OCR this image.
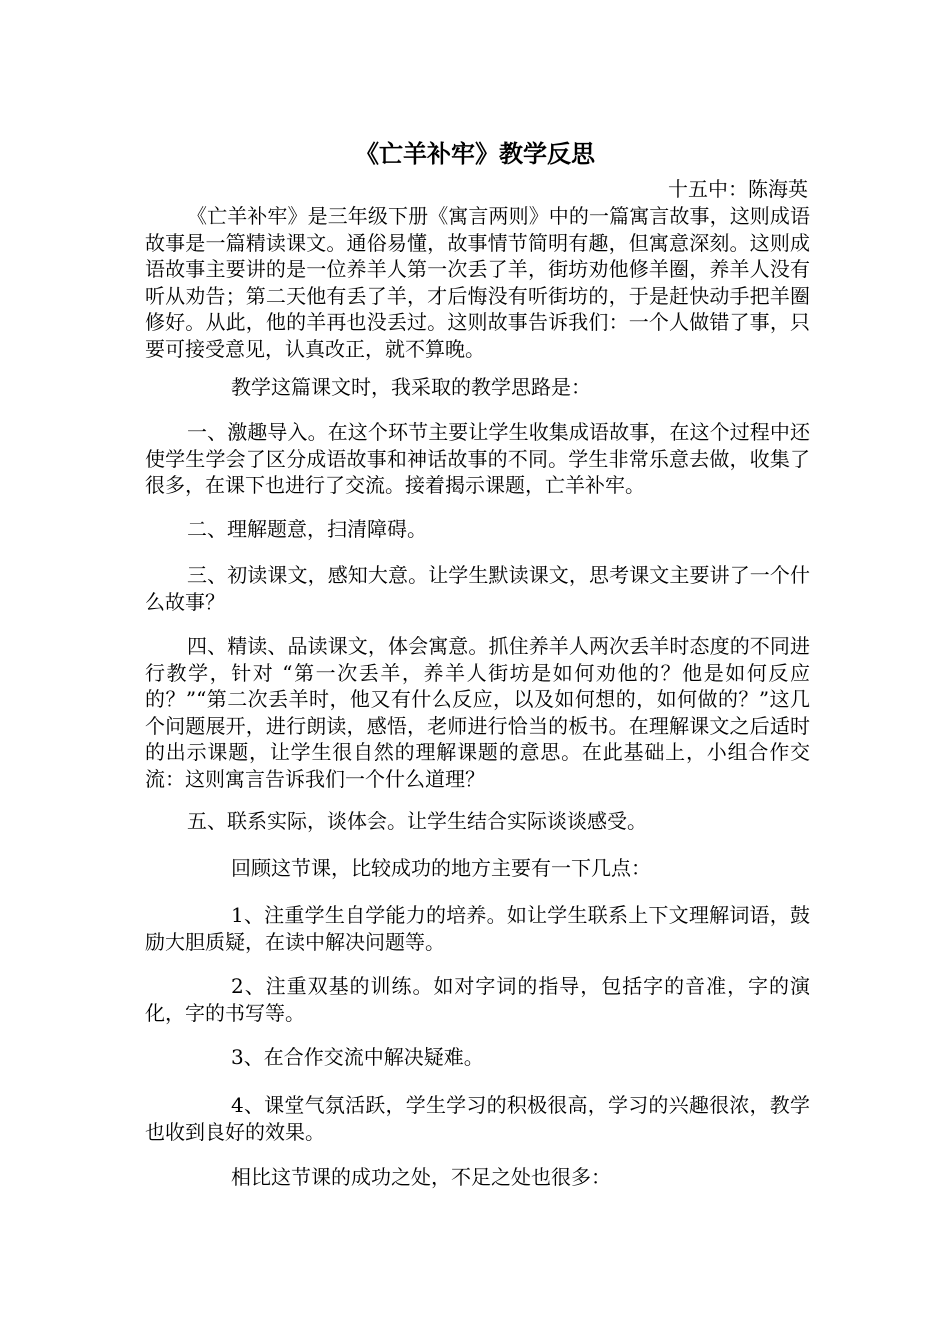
《亡羊补牢》教学反思
十五中：陈海英

《亡羊补牢》是三年级下册《寓言两则》中的一篇寓言故事，这则成语故事是一篇精读课文。通俗易懂，故事情节简明有趣，但寓意深刻。这则成语故事主要讲的是一位养羊人第一次丢了羊，街坊劝他修羊圈，养羊人没有听从劝告；第二天他有丢了羊，才后悔没有听街坊的，于是赶快动手把羊圈修好。从此，他的羊再也没丢过。这则故事告诉我们：一个人做错了事，只要可接受意见，认真改正，就不算晚。

教学这篇课文时，我采取的教学思路是：

一、激趣导入。在这个环节主要让学生收集成语故事，在这个过程中还使学生学会了区分成语故事和神话故事的不同。学生非常乐意去做，收集了很多，在课下也进行了交流。接着揭示课题，亡羊补牢。

二、理解题意，扫清障碍。

三、初读课文，感知大意。让学生默读课文，思考课文主要讲了一个什么故事？

四、精读、品读课文，体会寓意。抓住养羊人两次丢羊时态度的不同进行教学，针对 “第一次丢羊，养羊人街坊是如何劝他的？他是如何反应的？”“第二次丢羊时，他又有什么反应，以及如何想的，如何做的？”这几个问题展开，进行朗读，感悟，老师进行恰当的板书。在理解课文之后适时的出示课题，让学生很自然的理解课题的意思。在此基础上，小组合作交流：这则寓言告诉我们一个什么道理？

五、联系实际，谈体会。让学生结合实际谈谈感受。

回顾这节课，比较成功的地方主要有一下几点：

1、注重学生自学能力的培养。如让学生联系上下文理解词语，鼓励大胆质疑，在读中解决问题等。

2、注重双基的训练。如对字词的指导，包括字的音准，字的演化，字的书写等。

3、在合作交流中解决疑难。

4、课堂气氛活跃，学生学习的积极很高，学习的兴趣很浓，教学也收到良好的效果。

相比这节课的成功之处，不足之处也很多：
